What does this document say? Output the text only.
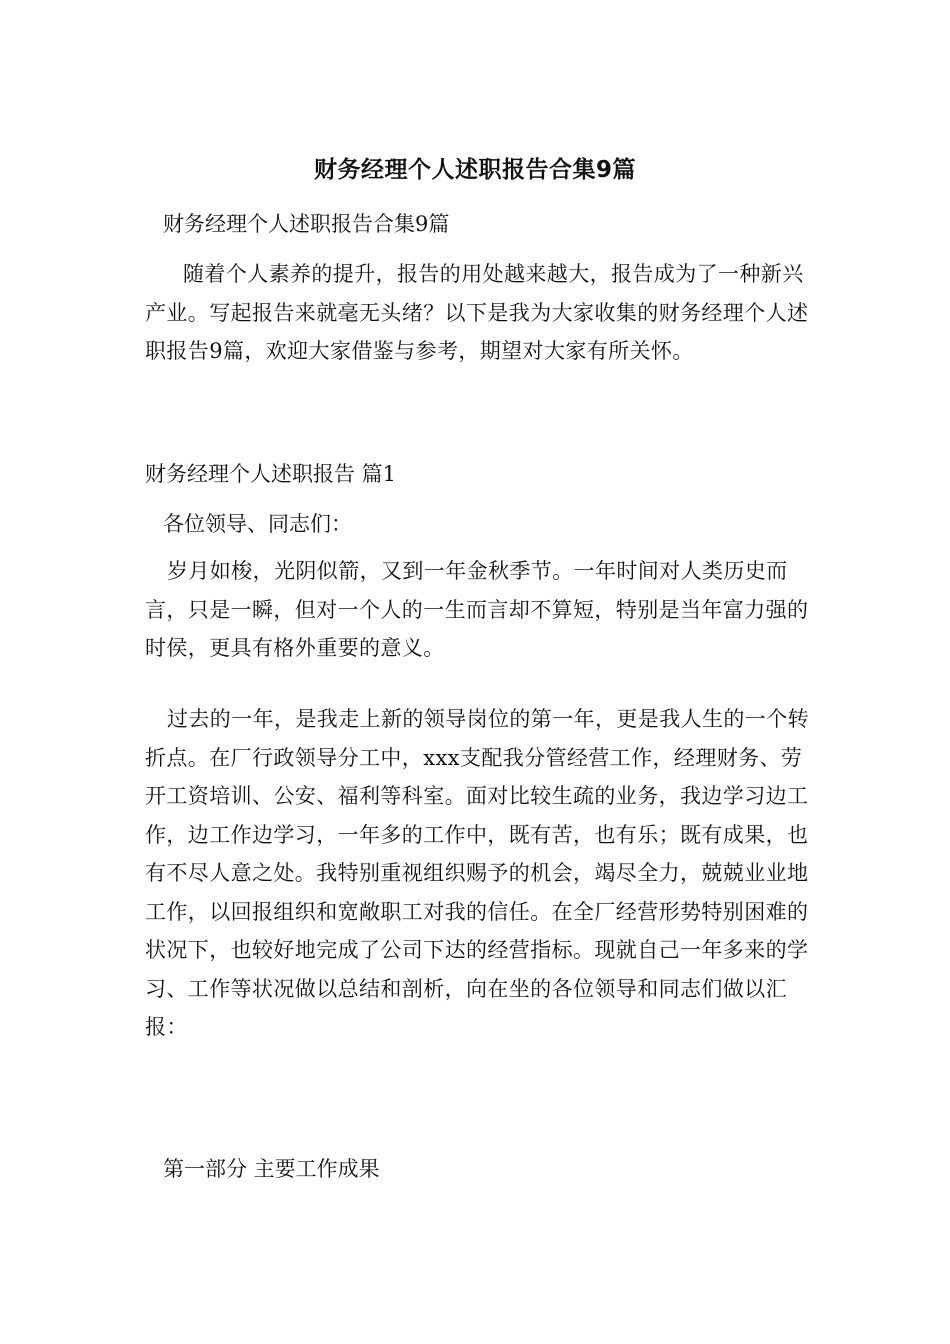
财务经理个人述职报告合集9篇
财务经理个人述职报告合集9篇
随着个人素养的提升，报告的用处越来越大，报告成为了一种新兴产业。写起报告来就毫无头绪？以下是我为大家收集的财务经理个人述职报告9篇，欢迎大家借鉴与参考，期望对大家有所关怀。
财务经理个人述职报告 篇1
各位领导、同志们：
岁月如梭，光阴似箭，又到一年金秋季节。一年时间对人类历史而言，只是一瞬，但对一个人的一生而言却不算短，特别是当年富力强的时侯，更具有格外重要的意义。
过去的一年，是我走上新的领导岗位的第一年，更是我人生的一个转折点。在厂行政领导分工中，xxx支配我分管经营工作，经理财务、劳开工资培训、公安、福利等科室。面对比较生疏的业务，我边学习边工作，边工作边学习，一年多的工作中，既有苦，也有乐；既有成果，也有不尽人意之处。我特别重视组织赐予的机会，竭尽全力，兢兢业业地工作，以回报组织和宽敞职工对我的信任。在全厂经营形势特别困难的状况下，也较好地完成了公司下达的经营指标。现就自己一年多来的学习、工作等状况做以总结和剖析，向在坐的各位领导和同志们做以汇报：
第一部分 主要工作成果
